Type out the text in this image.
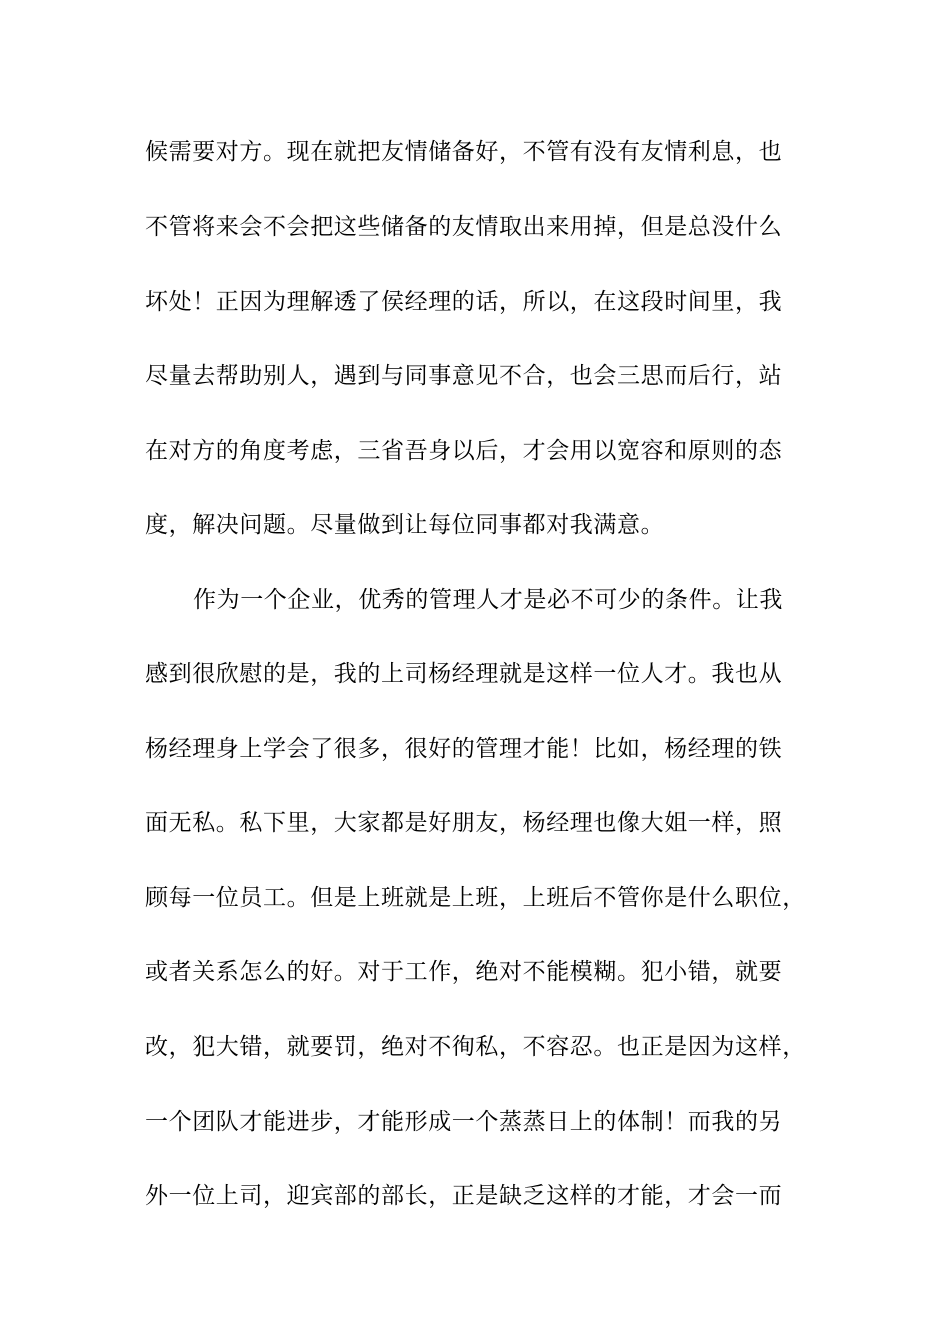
候需要对方。现在就把友情储备好，不管有没有友情利息，也
不管将来会不会把这些储备的友情取出来用掉，但是总没什么
坏处！正因为理解透了侯经理的话，所以，在这段时间里，我
尽量去帮助别人，遇到与同事意见不合，也会三思而后行，站
在对方的角度考虑，三省吾身以后，才会用以宽容和原则的态
度，解决问题。尽量做到让每位同事都对我满意。
作为一个企业，优秀的管理人才是必不可少的条件。让我
感到很欣慰的是，我的上司杨经理就是这样一位人才。我也从
杨经理身上学会了很多，很好的管理才能！比如，杨经理的铁
面无私。私下里，大家都是好朋友，杨经理也像大姐一样，照
顾每一位员工。但是上班就是上班，上班后不管你是什么职位，
或者关系怎么的好。对于工作，绝对不能模糊。犯小错，就要
改，犯大错，就要罚，绝对不徇私，不容忍。也正是因为这样，
一个团队才能进步，才能形成一个蒸蒸日上的体制！而我的另
外一位上司，迎宾部的部长，正是缺乏这样的才能，才会一而
